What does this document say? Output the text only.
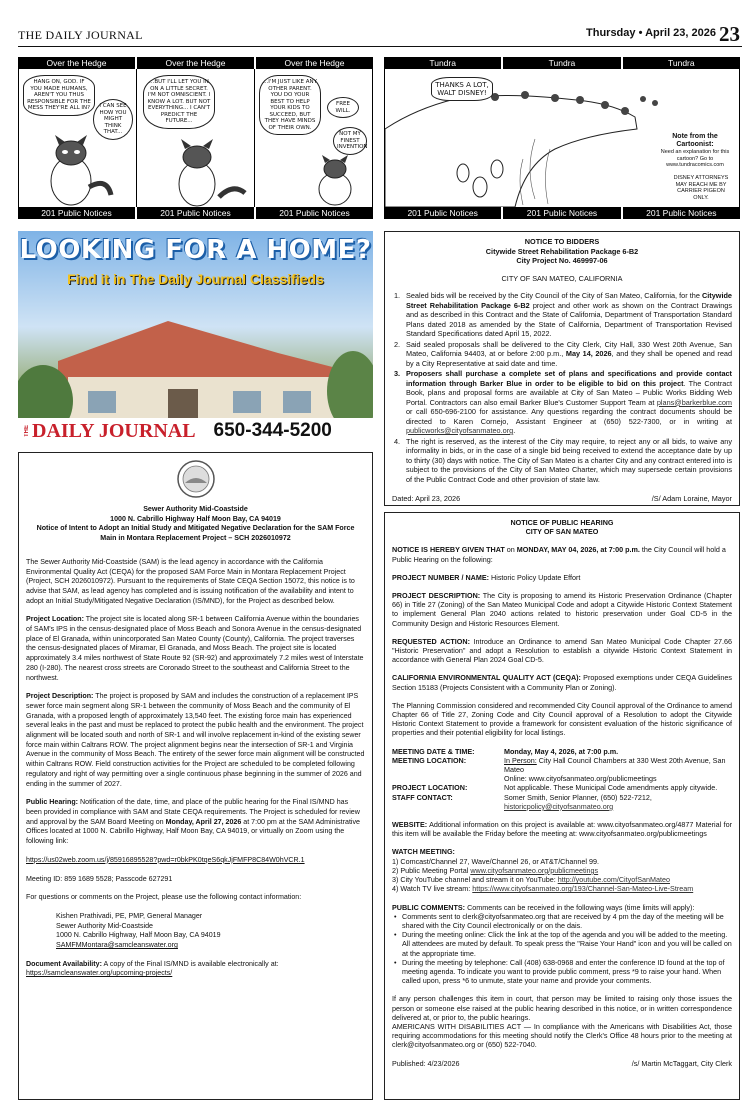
THE DAILY JOURNAL	Thursday • April 23, 2026 23
Over the Hedge	Over the Hedge	Over the Hedge
HANG ON, GOD. IF YOU MADE HUMANS, AREN'T YOU THUS RESPONSIBLE FOR THE MESS THEY'RE ALL IN?	I CAN SEE HOW YOU MIGHT THINK THAT...
...BUT I'LL LET YOU IN ON A LITTLE SECRET. I'M NOT OMNISCIENT. I KNOW A LOT. BUT NOT EVERYTHING... I CAN'T PREDICT THE FUTURE...
...I'M JUST LIKE ANY OTHER PARENT. YOU DO YOUR BEST TO HELP YOUR KIDS TO SUCCEED, BUT THEY HAVE MINDS OF THEIR OWN.
FREE WILL.
NOT MY FINEST INVENTION
201 Public Notices	201 Public Notices	201 Public Notices
Tundra	Tundra	Tundra
THANKS A LOT, WALT DISNEY!
Note from the Cartoonist:
Need an explanation for this cartoon? Go to www.tundracomics.com
DISNEY ATTORNEYS MAY REACH ME BY CARRIER PIGEON ONLY.
201 Public Notices	201 Public Notices	201 Public Notices
LOOKING FOR A HOME?
Find it in The Daily Journal Classifieds
THE DAILY JOURNAL 650-344-5200
NOTICE TO BIDDERS
Citywide Street Rehabilitation Package 6-B2
City Project No. 469997-06
CITY OF SAN MATEO, CALIFORNIA
1. Sealed bids will be received by the City Council of the City of San Mateo, California, for the Citywide Street Rehabilitation Package 6-B2 project and other work as shown on the Contract Drawings and as described in this Contract and the State of California, Department of Transportation Standard Plans dated 2018 as amended by the State of California, Department of Transportation Revised Standard Specifications dated April 15, 2022.
2. Said sealed proposals shall be delivered to the City Clerk, City Hall, 330 West 20th Avenue, San Mateo, California 94403, at or before 2:00 p.m., May 14, 2026, and they shall be opened and read by a City Representative at said date and time.
3. Proposers shall purchase a complete set of plans and specifications and provide contact information through Barker Blue in order to be eligible to bid on this project. The Contract Book, plans and proposal forms are available at City of San Mateo – Public Works Bidding Web Portal. Contractors can also email Barker Blue's Customer Support Team at plans@barkerblue.com or call 650-696-2100 for assistance. Any questions regarding the contract documents should be directed to Karen Cornejo, Assistant Engineer at (650) 522-7300, or in writing at publicworks@cityofsanmateo.org.
4. The right is reserved, as the interest of the City may require, to reject any or all bids, to waive any informality in bids, or in the case of a single bid being received to extend the acceptance date by up to thirty (30) days with notice. The City of San Mateo is a charter City and any contract entered into is subject to the provisions of the City of San Mateo Charter, which may supersede certain provisions of the Public Contract Code and other provision of state law.
Dated: April 23, 2026	/S/ Adam Loraine, Mayor
Sewer Authority Mid-Coastside
1000 N. Cabrillo Highway Half Moon Bay, CA 94019
Notice of Intent to Adopt an Initial Study and Mitigated Negative Declaration for the SAM Force Main in Montara Replacement Project – SCH 2026010972

The Sewer Authority Mid-Coastside (SAM) is the lead agency in accordance with the California Environmental Quality Act (CEQA) for the proposed SAM Force Main in Montara Replacement Project (Project, SCH 2026010972). Pursuant to the requirements of State CEQA Section 15072, this notice is to advise that SAM, as lead agency has completed and is issuing notification of the availability and intent to adopt an Initial Study/Mitigated Negative Declaration (IS/MND), for the Project as described below.

Project Location: The project site is located along SR-1 between California Avenue within the boundaries of SAM's IPS in the census-designated place of Moss Beach and Sonora Avenue in the census-designated place of El Granada, within unincorporated San Mateo County (County), California. The project traverses the census-designated places of Miramar, El Granada, and Moss Beach. The project site is located approximately 3.4 miles northwest of State Route 92 (SR-92) and approximately 7.2 miles west of Interstate 280 (I-280). The nearest cross streets are Coronado Street to the southeast and California Street to the northwest.

Project Description: The project is proposed by SAM and includes the construction of a replacement IPS sewer force main segment along SR-1 between the community of Moss Beach and the community of El Granada, with a proposed length of approximately 13,540 feet. The existing force main has experienced several leaks in the past and must be replaced to protect the public health and the environment. The project alignment will be located south and north of SR-1 and will involve replacement in-kind of the existing sewer force main within Caltrans ROW. The project alignment begins near the intersection of SR-1 and Virginia Avenue in the community of Moss Beach. The entirety of the sewer force main alignment will be constructed within Caltrans ROW. Field construction activities for the Project are scheduled to be completed following regulatory and right of way permitting over a single continuous phase beginning in the summer of 2026 and ending in the summer of 2027.

Public Hearing: Notification of the date, time, and place of the public hearing for the Final IS/MND has been provided in compliance with SAM and State CEQA requirements. The Project is scheduled for review and approval by the SAM Board Meeting on Monday, April 27, 2026 at 7:00 pm at the SAM Administrative Offices located at 1000 N. Cabrillo Highway, Half Moon Bay, CA 94019, or virtually on Zoom using the following link:

https://us02web.zoom.us/j/85916895528?pwd=r0bkPK0tqeS6qkJjFMFP8C84W0hVCR.1

Meeting ID: 859 1689 5528; Passcode 627291

For questions or comments on the Project, please use the following contact information:

Kishen Prathivadi, PE, PMP, General Manager
Sewer Authority Mid-Coastside
1000 N. Cabrillo Highway, Half Moon Bay, CA 94019
SAMFMMontara@samcleanswater.org
Document Availability: A copy of the Final IS/MND is available electronically at:
https://samcleanswater.org/upcoming-projects/
NOTICE OF PUBLIC HEARING
CITY OF SAN MATEO

NOTICE IS HEREBY GIVEN THAT on MONDAY, MAY 04, 2026, at 7:00 p.m. the City Council will hold a Public Hearing on the following:

PROJECT NUMBER / NAME: Historic Policy Update Effort

PROJECT DESCRIPTION: The City is proposing to amend its Historic Preservation Ordinance (Chapter 66) in Title 27 (Zoning) of the San Mateo Municipal Code and adopt a Citywide Historic Context Statement to implement General Plan 2040 actions related to historic preservation under Goal CD-5 in the Community Design and Historic Resources Element.

REQUESTED ACTION: Introduce an Ordinance to amend San Mateo Municipal Code Chapter 27.66 "Historic Preservation" and adopt a Resolution to establish a citywide Historic Context Statement in accordance with General Plan 2024 Goal CD-5.

CALIFORNIA ENVIRONMENTAL QUALITY ACT (CEQA): Proposed exemptions under CEQA Guidelines Section 15183 (Projects Consistent with a Community Plan or Zoning).

The Planning Commission considered and recommended City Council approval of the Ordinance to amend Chapter 66 of Title 27, Zoning Code and City Council approval of a Resolution to adopt the Citywide Historic Context Statement to provide a framework for consistent evaluation of the historic significance of properties and their potential eligibility for local listings.

MEETING DATE & TIME:	Monday, May 4, 2026, at 7:00 p.m.
MEETING LOCATION:	In Person: City Hall Council Chambers at 330 West 20th Avenue, San Mateo
Online: www.cityofsanmateo.org/publicmeetings
PROJECT LOCATION:	Not applicable. These Municipal Code amendments apply citywide.
STAFF CONTACT:	Somer Smith, Senior Planner, (650) 522-7212,
historicpolicy@cityofsanmateo.org

WEBSITE: Additional information on this project is available at: www.cityofsanmateo.org/4877 Material for this item will be available the Friday before the meeting at: www.cityofsanmateo.org/publicmeetings

WATCH MEETING:
1) Comcast/Channel 27, Wave/Channel 26, or AT&T/Channel 99.
2) Public Meeting Portal www.cityofsanmateo.org/publicmeetings
3) City YouTube channel and stream it on YouTube: http://youtube.com/CityofSanMateo
4) Watch TV live stream: https://www.cityofsanmateo.org/193/Channel-San-Mateo-Live-Stream
PUBLIC COMMENTS: Comments can be received in the following ways (time limits will apply):
• Comments sent to clerk@cityofsanmateo.org that are received by 4 pm the day of the meeting will be shared with the City Council electronically or on the dais.
• During the meeting online: Click the link at the top of the agenda and you will be added to the meeting. All attendees are muted by default. To speak press the "Raise Your Hand" icon and you will be called on at the appropriate time.
• During the meeting by telephone: Call (408) 638-0968 and enter the conference ID found at the top of meeting agenda. To indicate you want to provide public comment, press *9 to raise your hand. When called upon, press *6 to unmute, state your name and provide your comments.
If any person challenges this item in court, that person may be limited to raising only those issues the person or someone else raised at the public hearing described in this notice, or in written correspondence delivered at, or prior to, the public hearings.
AMERICANS WITH DISABILITIES ACT — In compliance with the Americans with Disabilities Act, those requiring accommodations for this meeting should notify the Clerk's Office 48 hours prior to the meeting at clerk@cityofsanmateo.org or (650) 522-7040.
Published: 4/23/2026	/s/ Martin McTaggart, City Clerk
